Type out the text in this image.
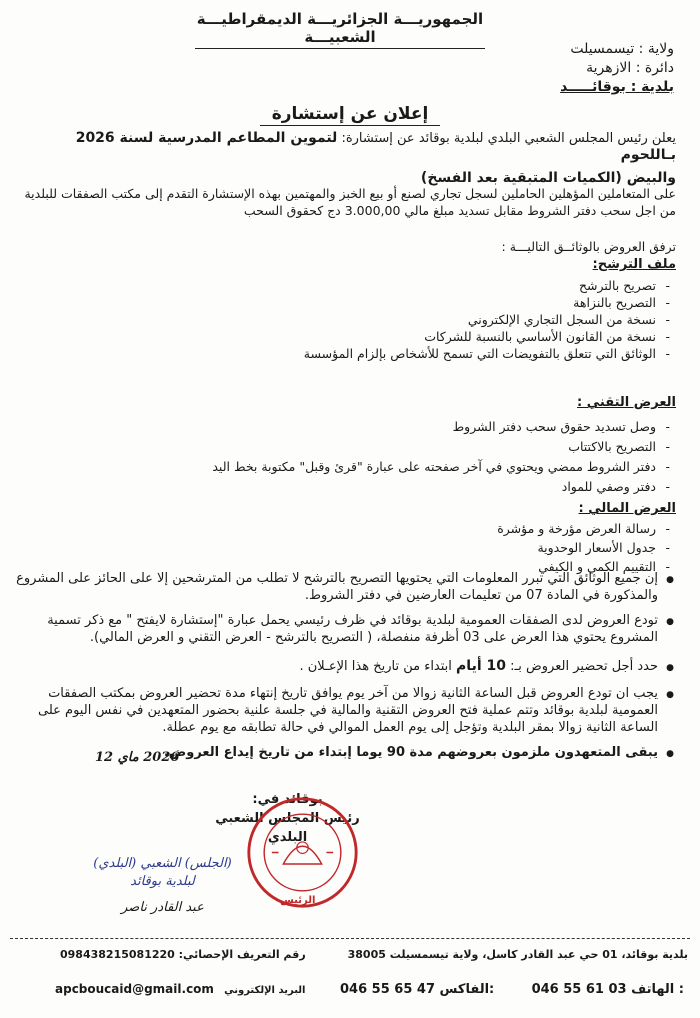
الجمهوريـــة الجزائريـــة الديمقراطيـــة الشعبيـــة
ولاية : تيسمسيلت
دائرة : الازهرية
بلدية : بوقائـــــد
إعلان عن إستشارة
يعلن رئيس المجلس الشعبي البلدي لبلدية بوقائد عن إستشارة: لتموين المطاعم المدرسية لسنة 2026 بـاللحوم
والبيض (الكميات المتبقية بعد الفسخ)
على المتعاملين المؤهلين الحاملين لسجل تجاري لصنع أو بيع الخبز والمهتمين بهذه الإستشارة التقدم إلى مكتب الصفقات للبلدية من اجل سحب دفتر الشروط مقابل تسديد مبلغ مالي 3.000,00 دج كحقوق السحب
ترفق العروض بالوثائــق التاليـــة :
ملف الترشح:
- تصريح بالترشح
- التصريح بالنزاهة
- نسخة من السجل التجاري الإلكتروني
- نسخة من القانون الأساسي بالنسبة للشركات
- الوثائق التي تتعلق بالتفويضات التي تسمح للأشخاص بإلزام المؤسسة
العرض التقني :
- وصل تسديد حقوق سحب دفتر الشروط
- التصريح بالاكتتاب
- دفتر الشروط ممضي ويحتوي في آخر صفحته على عبارة "قرئ وقبل" مكتوبة بخط اليد
- دفتر وصفي للمواد
العرض المالي :
- رسالة العرض مؤرخة و مؤشرة
- جدول الأسعار الوحدوية
- التقييم الكمي و الكيفي
● إن جميع الوثائق التي تبرر المعلومات التي يحتويها التصريح بالترشح لا تطلب من المترشحين إلا على الحائز على المشروع والمذكورة في المادة 07 من تعليمات العارضين في دفتر الشروط.
● تودع العروض لدى الصفقات العمومية لبلدية بوقائد في ظرف رئيسي يحمل عبارة "إستشارة لايفتح " مع ذكر تسمية المشروع يحتوي هذا العرض على 03 أظرفة منفصلة، ( التصريح بالترشح - العرض التقني و العرض المالي).
● حدد أجل تحضير العروض بـ: 10 أيام ابتداء من تاريخ هذا الإعـلان .
● يجب ان تودع العروض قبل الساعة الثانية زوالا من آخر يوم يوافق تاريخ إنتهاء مدة تحضير العروض بمكتب الصفقات العمومية لبلدية بوقائد وتتم عملية فتح العروض التقنية والمالية في جلسة علنية بحضور المتعهدين في نفس اليوم على الساعة الثانية زوالا بمقر البلدية وتؤجل إلى يوم العمل الموالي في حالة تطابقه مع يوم عطلة.
● يبقى المتعهدون ملزمون بعروضهم مدة 90 يوما إبتداء من تاريخ إيداع العروض.
2026 ماي 12
بوقائد في:
رئيس المجلس الشعبي البلدي
الرئيس
(الجلس) الشعبي (البلدي)
لبلدية بوقائد
عبد القادر ناصر
بلدية بوقائد، 01 حي عبد القادر كاسل، ولاية تيسمسيلت 38005
رقم التعريف الإحصائي: 098438215081220
046 55 61 03 الهاتف :
046 55 65 47 الفاكس:
apcboucaid@gmail.com البريد الإلكتروني
